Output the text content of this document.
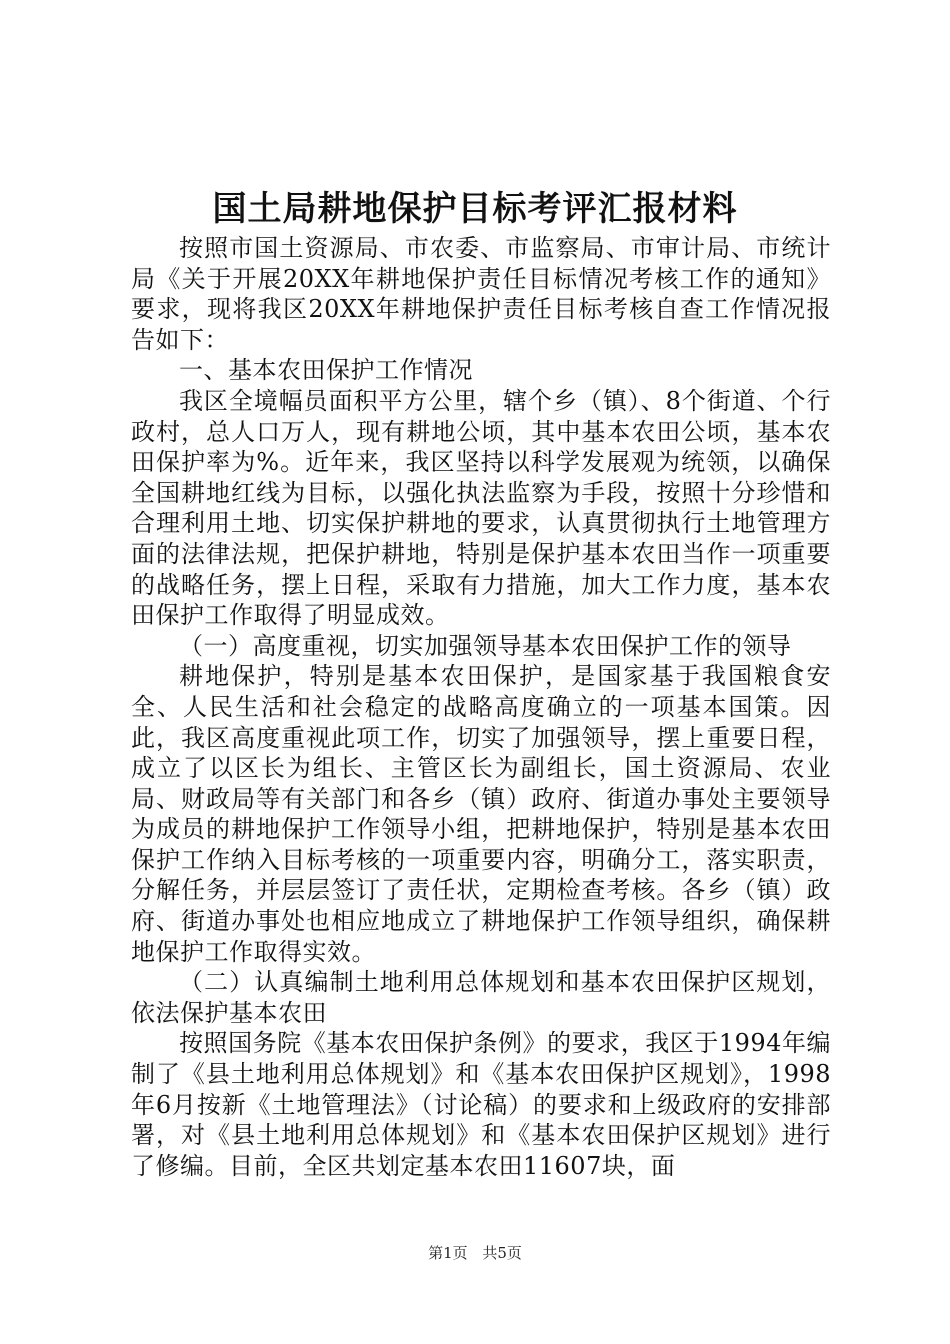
国土局耕地保护目标考评汇报材料

按照市国土资源局、市农委、市监察局、市审计局、市统计局《关于开展20XX年耕地保护责任目标情况考核工作的通知》要求，现将我区20XX年耕地保护责任目标考核自查工作情况报告如下：

一、基本农田保护工作情况

我区全境幅员面积平方公里，辖个乡（镇）、8个街道、个行政村，总人口万人，现有耕地公顷，其中基本农田公顷，基本农田保护率为%。近年来，我区坚持以科学发展观为统领，以确保全国耕地红线为目标，以强化执法监察为手段，按照十分珍惜和合理利用土地、切实保护耕地的要求，认真贯彻执行土地管理方面的法律法规，把保护耕地，特别是保护基本农田当作一项重要的战略任务，摆上日程，采取有力措施，加大工作力度，基本农田保护工作取得了明显成效。

（一）高度重视，切实加强领导基本农田保护工作的领导

耕地保护，特别是基本农田保护，是国家基于我国粮食安全、人民生活和社会稳定的战略高度确立的一项基本国策。因此，我区高度重视此项工作，切实了加强领导，摆上重要日程，成立了以区长为组长、主管区长为副组长，国土资源局、农业局、财政局等有关部门和各乡（镇）政府、街道办事处主要领导为成员的耕地保护工作领导小组，把耕地保护，特别是基本农田保护工作纳入目标考核的一项重要内容，明确分工，落实职责，分解任务，并层层签订了责任状，定期检查考核。各乡（镇）政府、街道办事处也相应地成立了耕地保护工作领导组织，确保耕地保护工作取得实效。

（二）认真编制土地利用总体规划和基本农田保护区规划，依法保护基本农田

按照国务院《基本农田保护条例》的要求，我区于1994年编制了《县土地利用总体规划》和《基本农田保护区规划》，1998年6月按新《土地管理法》（讨论稿）的要求和上级政府的安排部署，对《县土地利用总体规划》和《基本农田保护区规划》进行了修编。目前，全区共划定基本农田11607块，面

第1页 共5页
